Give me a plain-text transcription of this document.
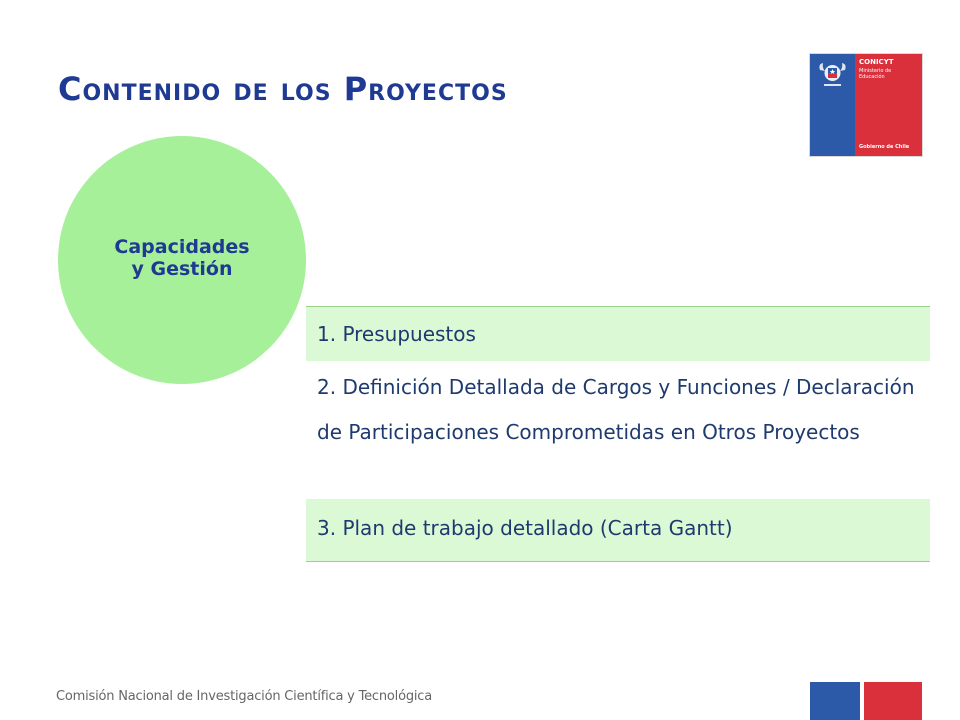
Contenido de los Proyectos
CONICYT
Ministerio de
Educación
Gobierno de Chile
Capacidades
y Gestión
1. Presupuestos
2. Definición Detallada de Cargos y Funciones / Declaración de Participaciones Comprometidas en Otros Proyectos
3. Plan de trabajo detallado (Carta Gantt)
Comisión Nacional de Investigación Científica y Tecnológica
